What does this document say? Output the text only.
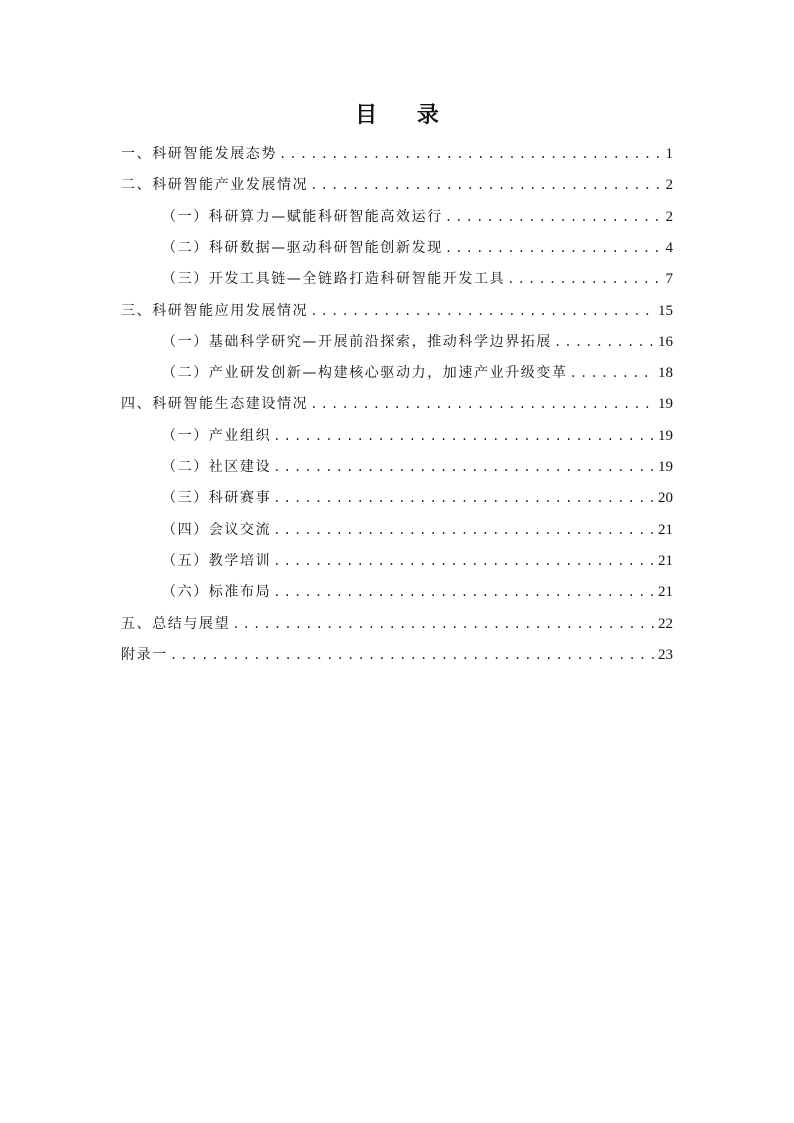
目 录
一、科研智能发展态势 .....	1
二、科研智能产业发展情况 .....	2
（一）科研算力—赋能科研智能高效运行 .....	2
（二）科研数据—驱动科研智能创新发现 .....	4
（三）开发工具链—全链路打造科研智能开发工具 .....	7
三、科研智能应用发展情况 .....	15
（一）基础科学研究—开展前沿探索，推动科学边界拓展 .....	16
（二）产业研发创新—构建核心驱动力，加速产业升级变革 .....	18
四、科研智能生态建设情况 .....	19
（一）产业组织 .....	19
（二）社区建设 .....	19
（三）科研赛事 .....	20
（四）会议交流 .....	21
（五）教学培训 .....	21
（六）标准布局 .....	21
五、总结与展望 .....	22
附录一 .....	23
